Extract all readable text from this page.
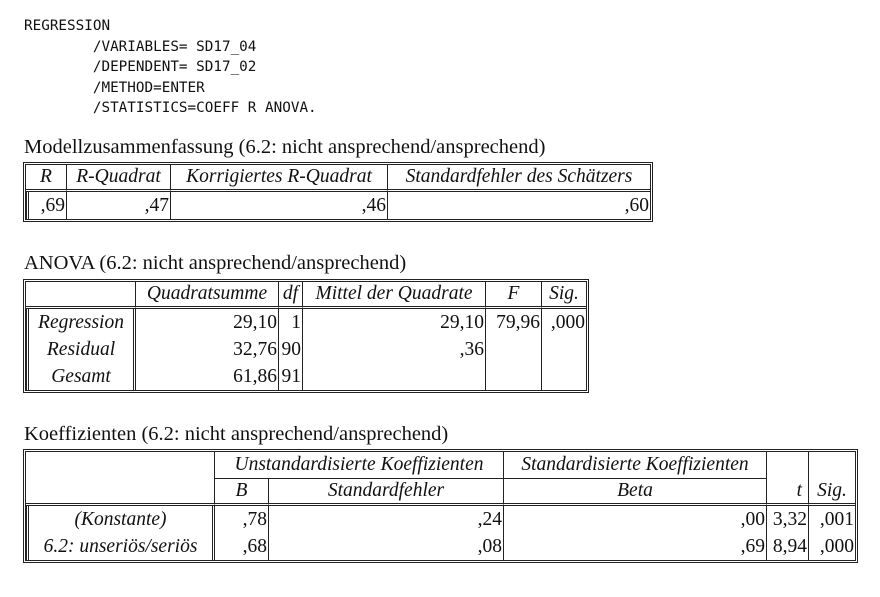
REGRESSION
/VARIABLES= SD17_04
/DEPENDENT= SD17_02
/METHOD=ENTER
/STATISTICS=COEFF R ANOVA.
Modellzusammenfassung (6.2: nicht ansprechend/ansprechend)
R	R-Quadrat	Korrigiertes R-Quadrat	Standardfehler des Schätzers
,69	,47	,46	,60
ANOVA (6.2: nicht ansprechend/ansprechend)
	Quadratsumme	df	Mittel der Quadrate	F	Sig.
Regression	29,10	1	29,10	79,96	,000
Residual	32,76	90	,36		
Gesamt	61,86	91			
Koeffizienten (6.2: nicht ansprechend/ansprechend)
	Unstandardisierte Koeffizienten		Standardisierte Koeffizienten		
	B	Standardfehler	Beta	t	Sig.
(Konstante)	,78	,24	,00	3,32	,001
6.2: unseriös/seriös	,68	,08	,69	8,94	,000
